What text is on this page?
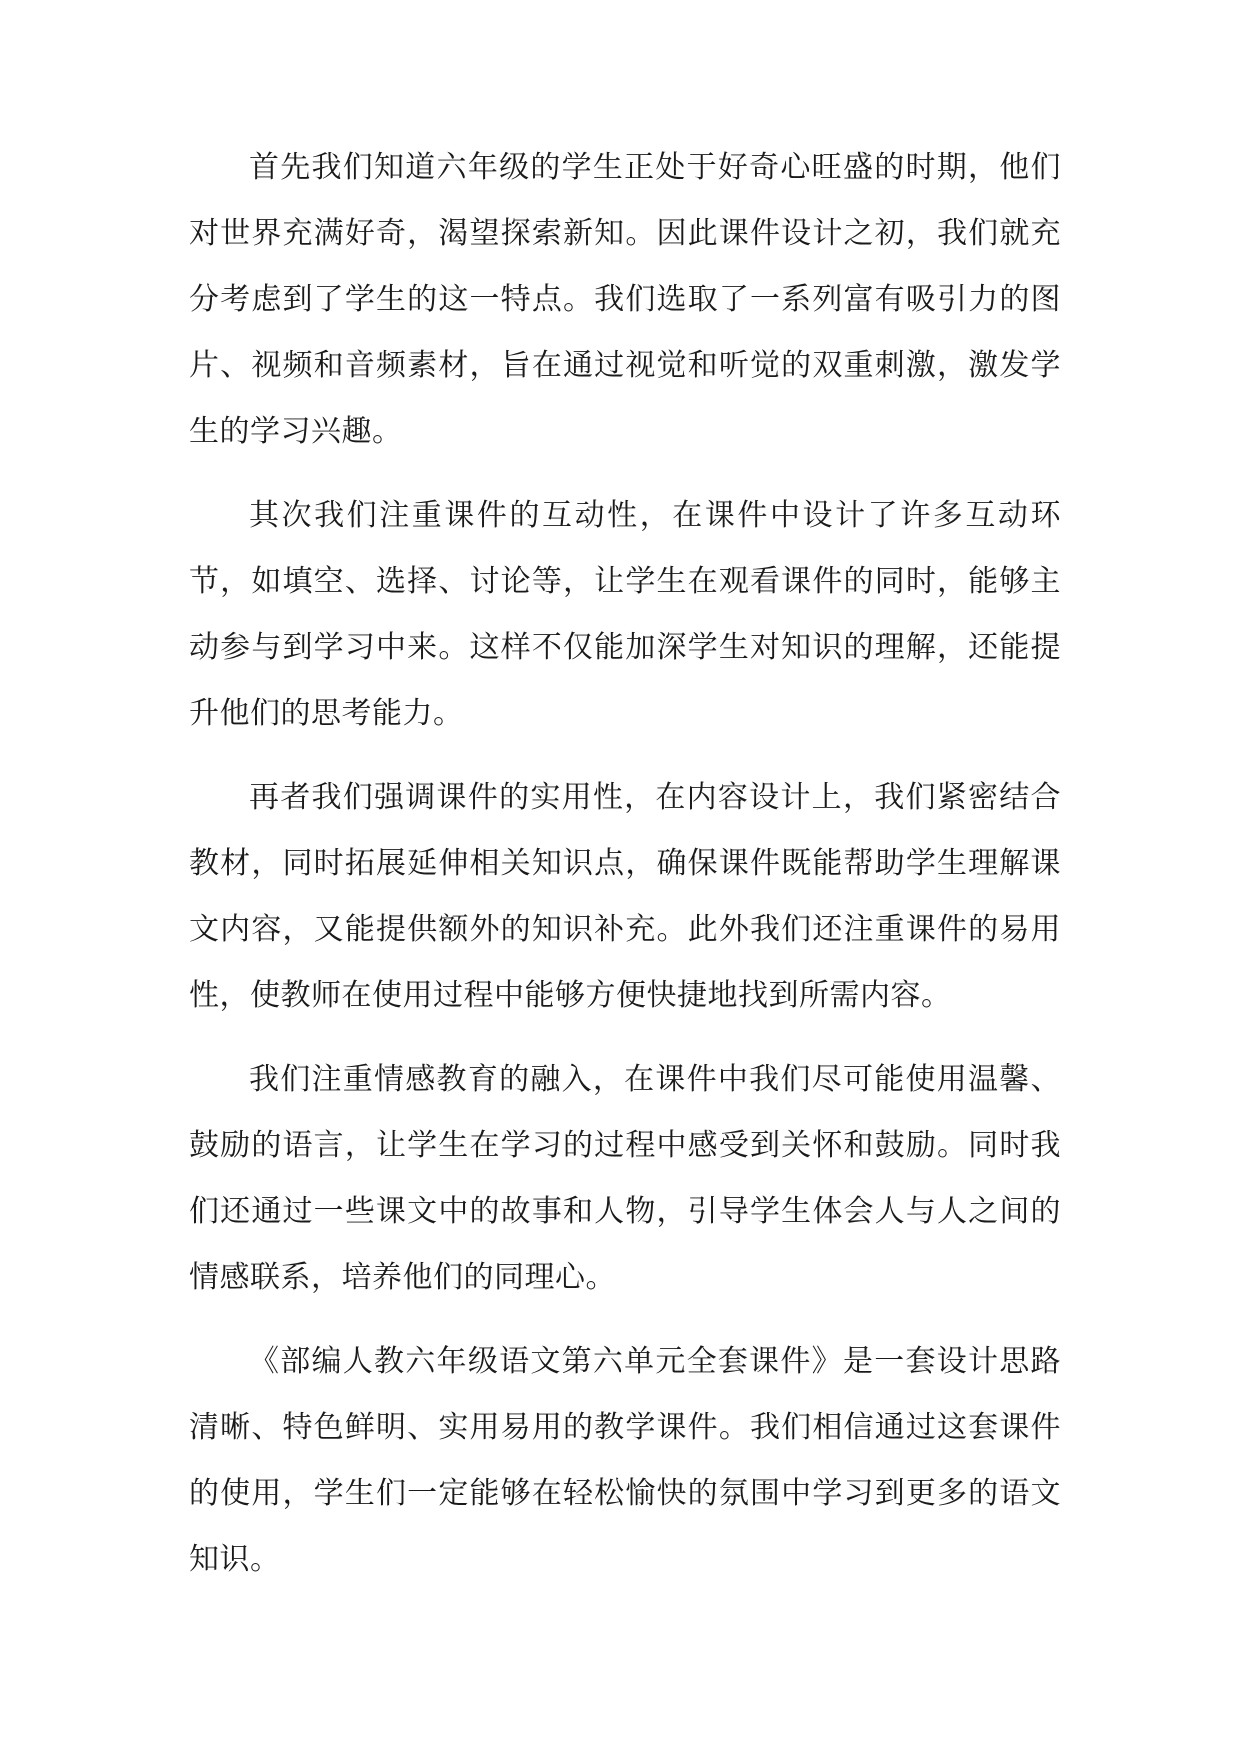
首先我们知道六年级的学生正处于好奇心旺盛的时期，他们对世界充满好奇，渴望探索新知。因此课件设计之初，我们就充分考虑到了学生的这一特点。我们选取了一系列富有吸引力的图片、视频和音频素材，旨在通过视觉和听觉的双重刺激，激发学生的学习兴趣。

其次我们注重课件的互动性，在课件中设计了许多互动环节，如填空、选择、讨论等，让学生在观看课件的同时，能够主动参与到学习中来。这样不仅能加深学生对知识的理解，还能提升他们的思考能力。

再者我们强调课件的实用性，在内容设计上，我们紧密结合教材，同时拓展延伸相关知识点，确保课件既能帮助学生理解课文内容，又能提供额外的知识补充。此外我们还注重课件的易用性，使教师在使用过程中能够方便快捷地找到所需内容。

我们注重情感教育的融入，在课件中我们尽可能使用温馨、鼓励的语言，让学生在学习的过程中感受到关怀和鼓励。同时我们还通过一些课文中的故事和人物，引导学生体会人与人之间的情感联系，培养他们的同理心。

《部编人教六年级语文第六单元全套课件》是一套设计思路清晰、特色鲜明、实用易用的教学课件。我们相信通过这套课件的使用，学生们一定能够在轻松愉快的氛围中学习到更多的语文知识。
